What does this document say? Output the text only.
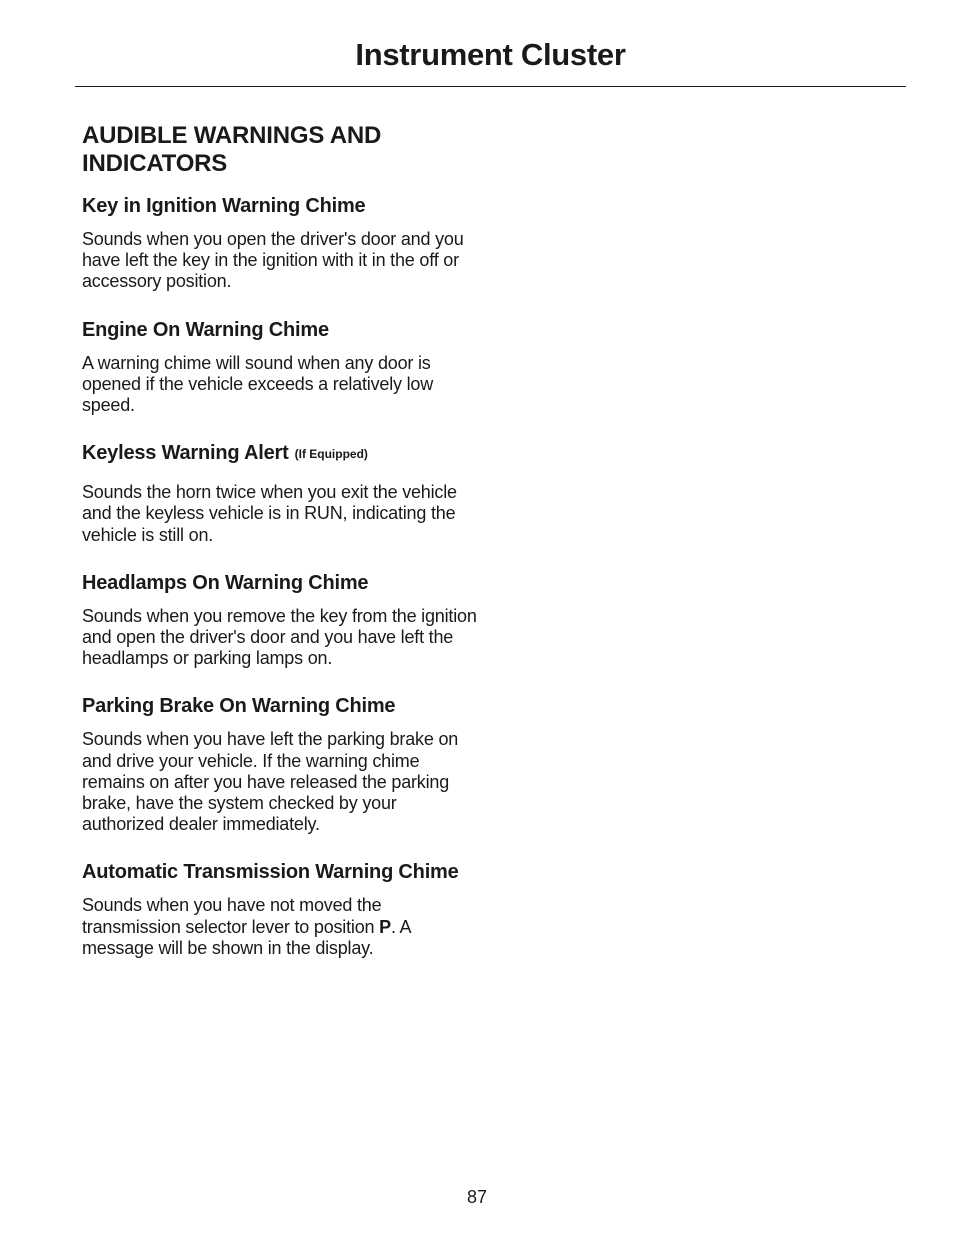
Instrument Cluster
AUDIBLE WARNINGS AND INDICATORS
Key in Ignition Warning Chime

Sounds when you open the driver's door and you have left the key in the ignition with it in the off or accessory position.

Engine On Warning Chime

A warning chime will sound when any door is opened if the vehicle exceeds a relatively low speed.

Keyless Warning Alert (If Equipped)

Sounds the horn twice when you exit the vehicle and the keyless vehicle is in RUN, indicating the vehicle is still on.

Headlamps On Warning Chime

Sounds when you remove the key from the ignition and open the driver's door and you have left the headlamps or parking lamps on.

Parking Brake On Warning Chime

Sounds when you have left the parking brake on and drive your vehicle. If the warning chime remains on after you have released the parking brake, have the system checked by your authorized dealer immediately.

Automatic Transmission Warning Chime

Sounds when you have not moved the transmission selector lever to position P. A message will be shown in the display.

87
